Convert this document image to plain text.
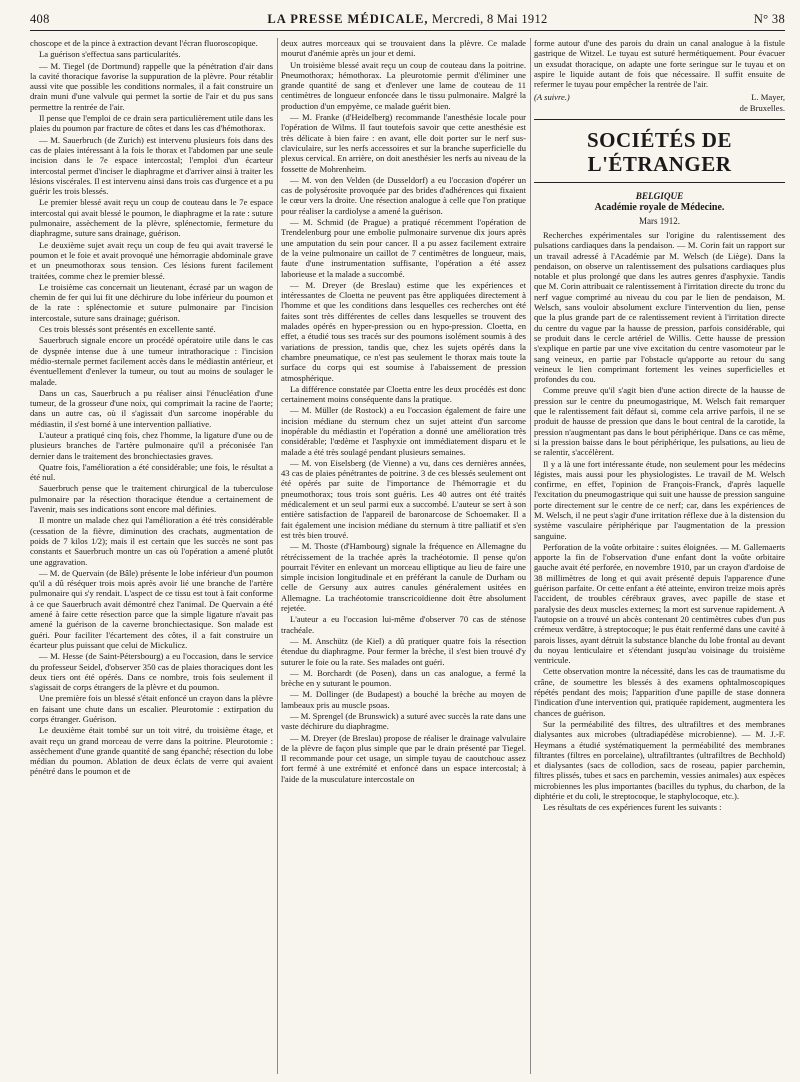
408	LA PRESSE MÉDICALE, Mercredi, 8 Mai 1912	N° 38

choscope et de la pince à extraction devant l'écran fluoroscopique.

La guérison s'effectua sans particularités.

— M. Tiegel (de Dortmund) rappelle que la pénétration d'air dans la cavité thoracique favorise la suppuration de la plèvre. Pour rétablir aussi vite que possible les conditions normales, il a fait construire un drain muni d'une valvule qui permet la sortie de l'air et du pus sans permettre la rentrée de l'air.

Il pense que l'emploi de ce drain sera particulièrement utile dans les plaies du poumon par fracture de côtes et dans les cas d'hémothorax.

— M. Sauerbruch (de Zurich) est intervenu plusieurs fois dans des cas de plaies intéressant à la fois le thorax et l'abdomen par une seule incision dans le 7e espace intercostal; l'emploi d'un écarteur intercostal permet d'inciser le diaphragme et d'arriver ainsi à traiter les lésions viscérales. Il est intervenu ainsi dans trois cas d'urgence et a pu guérir les trois blessés.

Le premier blessé avait reçu un coup de couteau dans le 7e espace intercostal qui avait blessé le poumon, le diaphragme et la rate : suture pulmonaire, assèchement de la plèvre, splénectomie, fermeture du diaphragme, suture sans drainage, guérison.

Le deuxième sujet avait reçu un coup de feu qui avait traversé le poumon et le foie et avait provoqué une hémorragie abdominale grave et un pneumothorax sous tension. Ces lésions furent facilement traitées, comme chez le premier blessé.

Le troisième cas concernait un lieutenant, écrasé par un wagon de chemin de fer qui lui fit une déchirure du lobe inférieur du poumon et de la rate : splénectomie et suture pulmonaire par l'incision intercostale, suture sans drainage; guérison.

Ces trois blessés sont présentés en excellente santé.

Sauerbruch signale encore un procédé opératoire utile dans le cas de dyspnée intense due à une tumeur intrathoracique : l'incision médio-sternale permet facilement accès dans le médiastin antérieur, et éventuellement d'enlever la tumeur, ou tout au moins de soulager le malade.

Dans un cas, Sauerbruch a pu réaliser ainsi l'énucléation d'une tumeur, de la grosseur d'une noix, qui comprimait la racine de l'aorte; dans un autre cas, où il s'agissait d'un sarcome inopérable du médiastin, il s'est borné à une intervention palliative.

L'auteur a pratiqué cinq fois, chez l'homme, la ligature d'une ou de plusieurs branches de l'artère pulmonaire qu'il a préconisée l'an dernier dans le traitement des bronchiectasies graves.

Quatre fois, l'amélioration a été considérable; une fois, le résultat a été nul.

Sauerbruch pense que le traitement chirurgical de la tuberculose pulmonaire par la résection thoracique étendue a certainement de l'avenir, mais ses indications sont encore mal définies.

Il montre un malade chez qui l'amélioration a été très considérable (cessation de la fièvre, diminution des crachats, augmentation de poids de 7 kilos 1/2); mais il est certain que les succès ne sont pas constants et Sauerbruch montre un cas où l'opération a amené plutôt une aggravation.

— M. de Quervain (de Bâle) présente le lobe inférieur d'un poumon qu'il a dû réséquer trois mois après avoir lié une branche de l'artère pulmonaire qui s'y rendait. L'aspect de ce tissu est tout à fait conforme à ce que Sauerbruch avait démontré chez l'animal. De Quervain a été amené à faire cette résection parce que la simple ligature n'avait pas amené la guérison de la caverne bronchiectasique. Son malade est guéri. Pour faciliter l'écartement des côtes, il a fait construire un écarteur plus puissant que celui de Mickulicz.

— M. Hesse (de Saint-Pétersbourg) a eu l'occasion, dans le service du professeur Seidel, d'observer 350 cas de plaies thoraciques dont les deux tiers ont été opérés. Dans ce nombre, trois fois seulement il s'agissait de corps étrangers de la plèvre et du poumon.

Une première fois un blessé s'était enfoncé un crayon dans la plèvre en faisant une chute dans un escalier. Pleurotomie : extirpation du corps étranger. Guérison.

Le deuxième était tombé sur un toit vitré, du troisième étage, et avait reçu un grand morceau de verre dans la poitrine. Pleurotomie : assèchement d'une grande quantité de sang épanché; résection du lobe médian du poumon. Ablation de deux éclats de verre qui avaient pénétré dans le poumon et de

deux autres morceaux qui se trouvaient dans la plèvre. Ce malade mourut d'anémie après un jour et demi.

Un troisième blessé avait reçu un coup de couteau dans la poitrine. Pneumothorax; hémothorax. La pleurotomie permit d'éliminer une grande quantité de sang et d'enlever une lame de couteau de 11 centimètres de longueur enfoncée dans le tissu pulmonaire. Malgré la production d'un empyème, ce malade guérit bien.

— M. Franke (d'Heidelberg) recommande l'anesthésie locale pour l'opération de Wilms. Il faut toutefois savoir que cette anesthésie est très délicate à bien faire : en avant, elle doit porter sur le nerf sus-claviculaire, sur les nerfs accessoires et sur la branche superficielle du plexus cervical. En arrière, on doit anesthésier les nerfs au niveau de la fossette de Mohrenheim.

— M. von den Velden (de Dusseldorf) a eu l'occasion d'opérer un cas de polysérosite provoquée par des brides d'adhérences qui fixaient le cœur vers la droite. Une résection analogue à celle que l'on pratique pour réaliser la cardiolyse a amené la guérison.

— M. Schmid (de Prague) a pratiqué récemment l'opération de Trendelenburg pour une embolie pulmonaire survenue dix jours après une amputation du sein pour cancer. Il a pu assez facilement extraire de la veine pulmonaire un caillot de 7 centimètres de longueur, mais, faute d'une instrumentation suffisante, l'opération a été assez laborieuse et la malade a succombé.

— M. Dreyer (de Breslau) estime que les expériences et intéressantes de Cloetta ne peuvent pas être appliquées directement à l'homme et que les conditions dans lesquelles ces recherches ont été faites sont très différentes de celles dans lesquelles se trouvent des malades opérés en hyper-pression ou en hypo-pression. Cloetta, en effet, a étudié tous ses tracés sur des poumons isolément soumis à des variations de pression, tandis que, chez les sujets opérés dans la chambre pneumatique, ce n'est pas seulement le thorax mais toute la surface du corps qui est soumise à l'abaissement de pression atmosphérique.

La différence constatée par Cloetta entre les deux procédés est donc certainement moins conséquente dans la pratique.

— M. Müller (de Rostock) a eu l'occasion également de faire une incision médiane du sternum chez un sujet atteint d'un sarcome inopérable du médiastin et l'opération a donné une amélioration très considérable; l'œdème et l'asphyxie ont immédiatement disparu et le malade a été très soulagé pendant plusieurs semaines.

— M. von Eiselsberg (de Vienne) a vu, dans ces dernières années, 43 cas de plaies pénétrantes de poitrine. 3 de ces blessés seulement ont été opérés par suite de l'importance de l'hémorragie et du pneumothorax; tous trois sont guéris. Les 40 autres ont été traités médicalement et un seul parmi eux a succombé. L'auteur se sert à son entière satisfaction de l'appareil de baronarcose de Schoemaker. Il a fait également une incision médiane du sternum à titre palliatif et s'en est très bien trouvé.

— M. Thoste (d'Hambourg) signale la fréquence en Allemagne du rétrécissement de la trachée après la trachéotomie. Il pense qu'on pourrait l'éviter en enlevant un morceau elliptique au lieu de faire une simple incision longitudinale et en préférant la canule de Durham ou celle de Gersuny aux autres canules généralement usitées en Allemagne. La trachéotomie transcricoïdienne doit être absolument rejetée.

L'auteur a eu l'occasion lui-même d'observer 70 cas de sténose trachéale.

— M. Anschütz (de Kiel) a dû pratiquer quatre fois la résection étendue du diaphragme. Pour fermer la brèche, il s'est bien trouvé d'y suturer le foie ou la rate. Ses malades ont guéri.

— M. Borchardt (de Posen), dans un cas analogue, a fermé la brèche en y suturant le poumon.

— M. Dollinger (de Budapest) a bouché la brèche au moyen de lambeaux pris au muscle psoas.

— M. Sprengel (de Brunswick) a suturé avec succès la rate dans une vaste déchirure du diaphragme.

— M. Dreyer (de Breslau) propose de réaliser le drainage valvulaire de la plèvre de façon plus simple que par le drain présenté par Tiegel. Il recommande pour cet usage, un simple tuyau de caoutchouc assez fort fermé à une extrémité et enfoncé dans un espace intercostal; à l'aide de la musculature intercostale on

forme autour d'une des parois du drain un canal analogue à la fistule gastrique de Witzel. Le tuyau est suturé hermétiquement. Pour évacuer un exsudat thoracique, on adapte une forte seringue sur le tuyau et on aspire le liquide autant de fois que nécessaire. Il suffit ensuite de refermer le tuyau pour empêcher la rentrée de l'air.

(A suivre.)	L. Mayer,
de Bruxelles.
SOCIÉTÉS DE L'ÉTRANGER
BELGIQUE
Académie royale de Médecine.
Mars 1912.

Recherches expérimentales sur l'origine du ralentissement des pulsations cardiaques dans la pendaison. — M. Corin fait un rapport sur un travail adressé à l'Académie par M. Welsch (de Liège). Dans la pendaison, on observe un ralentissement des pulsations cardiaques plus notable et plus prolongé que dans les autres genres d'asphyxie. Tandis que M. Corin attribuait ce ralentissement à l'irritation directe du tronc du nerf vague comprimé au niveau du cou par le lien de pendaison, M. Welsch, sans vouloir absolument exclure l'intervention du lien, pense que la plus grande part de ce ralentissement revient à l'irritation directe du centre du vague par la hausse de pression, parfois considérable, qui se produit dans le cercle artériel de Willis. Cette hausse de pression s'explique en partie par une vive excitation du centre vasomoteur par le sang veineux, en partie par l'obstacle qu'apporte au retour du sang veineux le lien comprimant fortement les veines superficielles et profondes du cou.

Comme preuve qu'il s'agit bien d'une action directe de la hausse de pression sur le centre du pneumogastrique, M. Welsch fait remarquer que le ralentissement fait défaut si, comme cela arrive parfois, il ne se produit de hausse de pression que dans le bout central de la carotide, la pression n'augmentant pas dans le bout périphérique. Dans ce cas même, si la pression baisse dans le bout périphérique, les pulsations, au lieu de se ralentir, s'accélèrent.

Il y a là une fort intéressante étude, non seulement pour les médecins légistes, mais aussi pour les physiologistes. Le travail de M. Welsch confirme, en effet, l'opinion de François-Franck, d'après laquelle l'excitation du pneumogastrique qui suit une hausse de pression sanguine porte directement sur le centre de ce nerf; car, dans les expériences de M. Welsch, il ne peut s'agir d'une irritation réflexe due à la distension du système vasculaire périphérique par l'augmentation de la pression sanguine.

Perforation de la voûte orbitaire : suites éloignées. — M. Gallemaerts apporte la fin de l'observation d'une enfant dont la voûte orbitaire gauche avait été perforée, en novembre 1910, par un crayon d'ardoise de 38 millimètres de long et qui avait présenté depuis l'apparence d'une guérison parfaite. Or cette enfant a été atteinte, environ treize mois après l'accident, de troubles cérébraux graves, avec papille de stase et paralysie des deux muscles externes; la mort est survenue rapidement. A l'autopsie on a trouvé un abcès contenant 20 centimètres cubes d'un pus crémeux verdâtre, à streptocoque; le pus était renfermé dans une cavité à parois lisses, ayant détruit la substance blanche du lobe frontal au devant du noyau lenticulaire et s'étendant jusqu'au voisinage du troisième ventricule.

Cette observation montre la nécessité, dans les cas de traumatisme du crâne, de soumettre les blessés à des examens ophtalmoscopiques répétés pendant des mois; l'apparition d'une papille de stase donnera l'indication d'une intervention qui, pratiquée rapidement, augmentera les chances de guérison.

Sur la perméabilité des filtres, des ultrafiltres et des membranes dialysantes aux microbes (ultradiapédèse microbienne). — M. J.-F. Heymans a étudié systématiquement la perméabilité des membranes filtrantes (filtres en porcelaine), ultrafiltrantes (ultrafiltres de Bechhold) et dialysantes (sacs de collodion, sacs de roseau, papier parchemin, filtres plissés, tubes et sacs en parchemin, vessies animales) aux espèces microbiennes les plus importantes (bacilles du typhus, du charbon, de la diphtérie et du coli, le streptocoque, le staphylocoque, etc.).

Les résultats de ces expériences furent les suivants :
